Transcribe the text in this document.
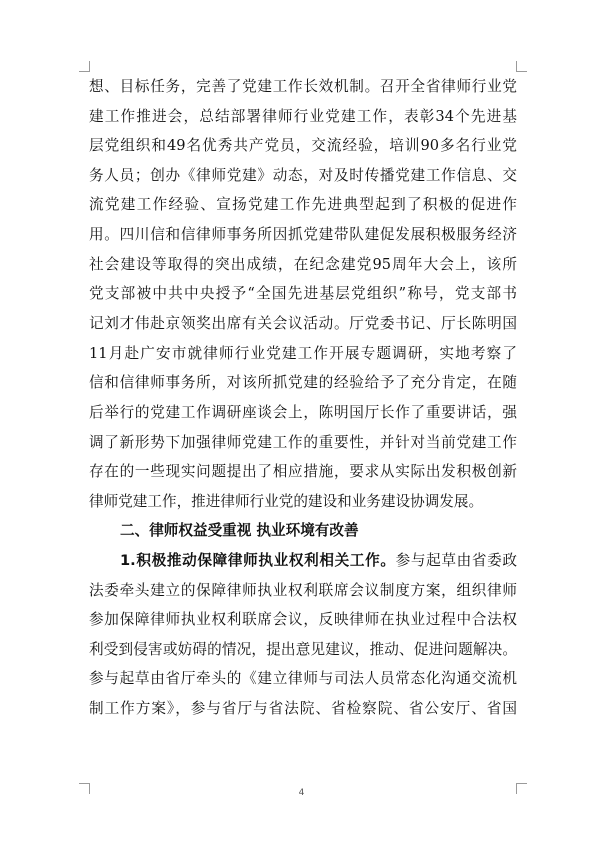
想、目标任务，完善了党建工作长效机制。召开全省律师行业党
建工作推进会，总结部署律师行业党建工作，表彰34个先进基
层党组织和49名优秀共产党员，交流经验，培训90多名行业党
务人员；创办《律师党建》动态，对及时传播党建工作信息、交
流党建工作经验、宣扬党建工作先进典型起到了积极的促进作
用。四川信和信律师事务所因抓党建带队建促发展积极服务经济
社会建设等取得的突出成绩，在纪念建党95周年大会上，该所
党支部被中共中央授予“全国先进基层党组织”称号，党支部书
记刘才伟赴京领奖出席有关会议活动。厅党委书记、厅长陈明国
11月赴广安市就律师行业党建工作开展专题调研，实地考察了
信和信律师事务所，对该所抓党建的经验给予了充分肯定，在随
后举行的党建工作调研座谈会上，陈明国厅长作了重要讲话，强
调了新形势下加强律师党建工作的重要性，并针对当前党建工作
存在的一些现实问题提出了相应措施，要求从实际出发积极创新
律师党建工作，推进律师行业党的建设和业务建设协调发展。
二、律师权益受重视 执业环境有改善
1.积极推动保障律师执业权利相关工作。参与起草由省委政
法委牵头建立的保障律师执业权利联席会议制度方案，组织律师
参加保障律师执业权利联席会议，反映律师在执业过程中合法权
利受到侵害或妨碍的情况，提出意见建议，推动、促进问题解决。
参与起草由省厅牵头的《建立律师与司法人员常态化沟通交流机
制工作方案》，参与省厅与省法院、省检察院、省公安厅、省国
4
